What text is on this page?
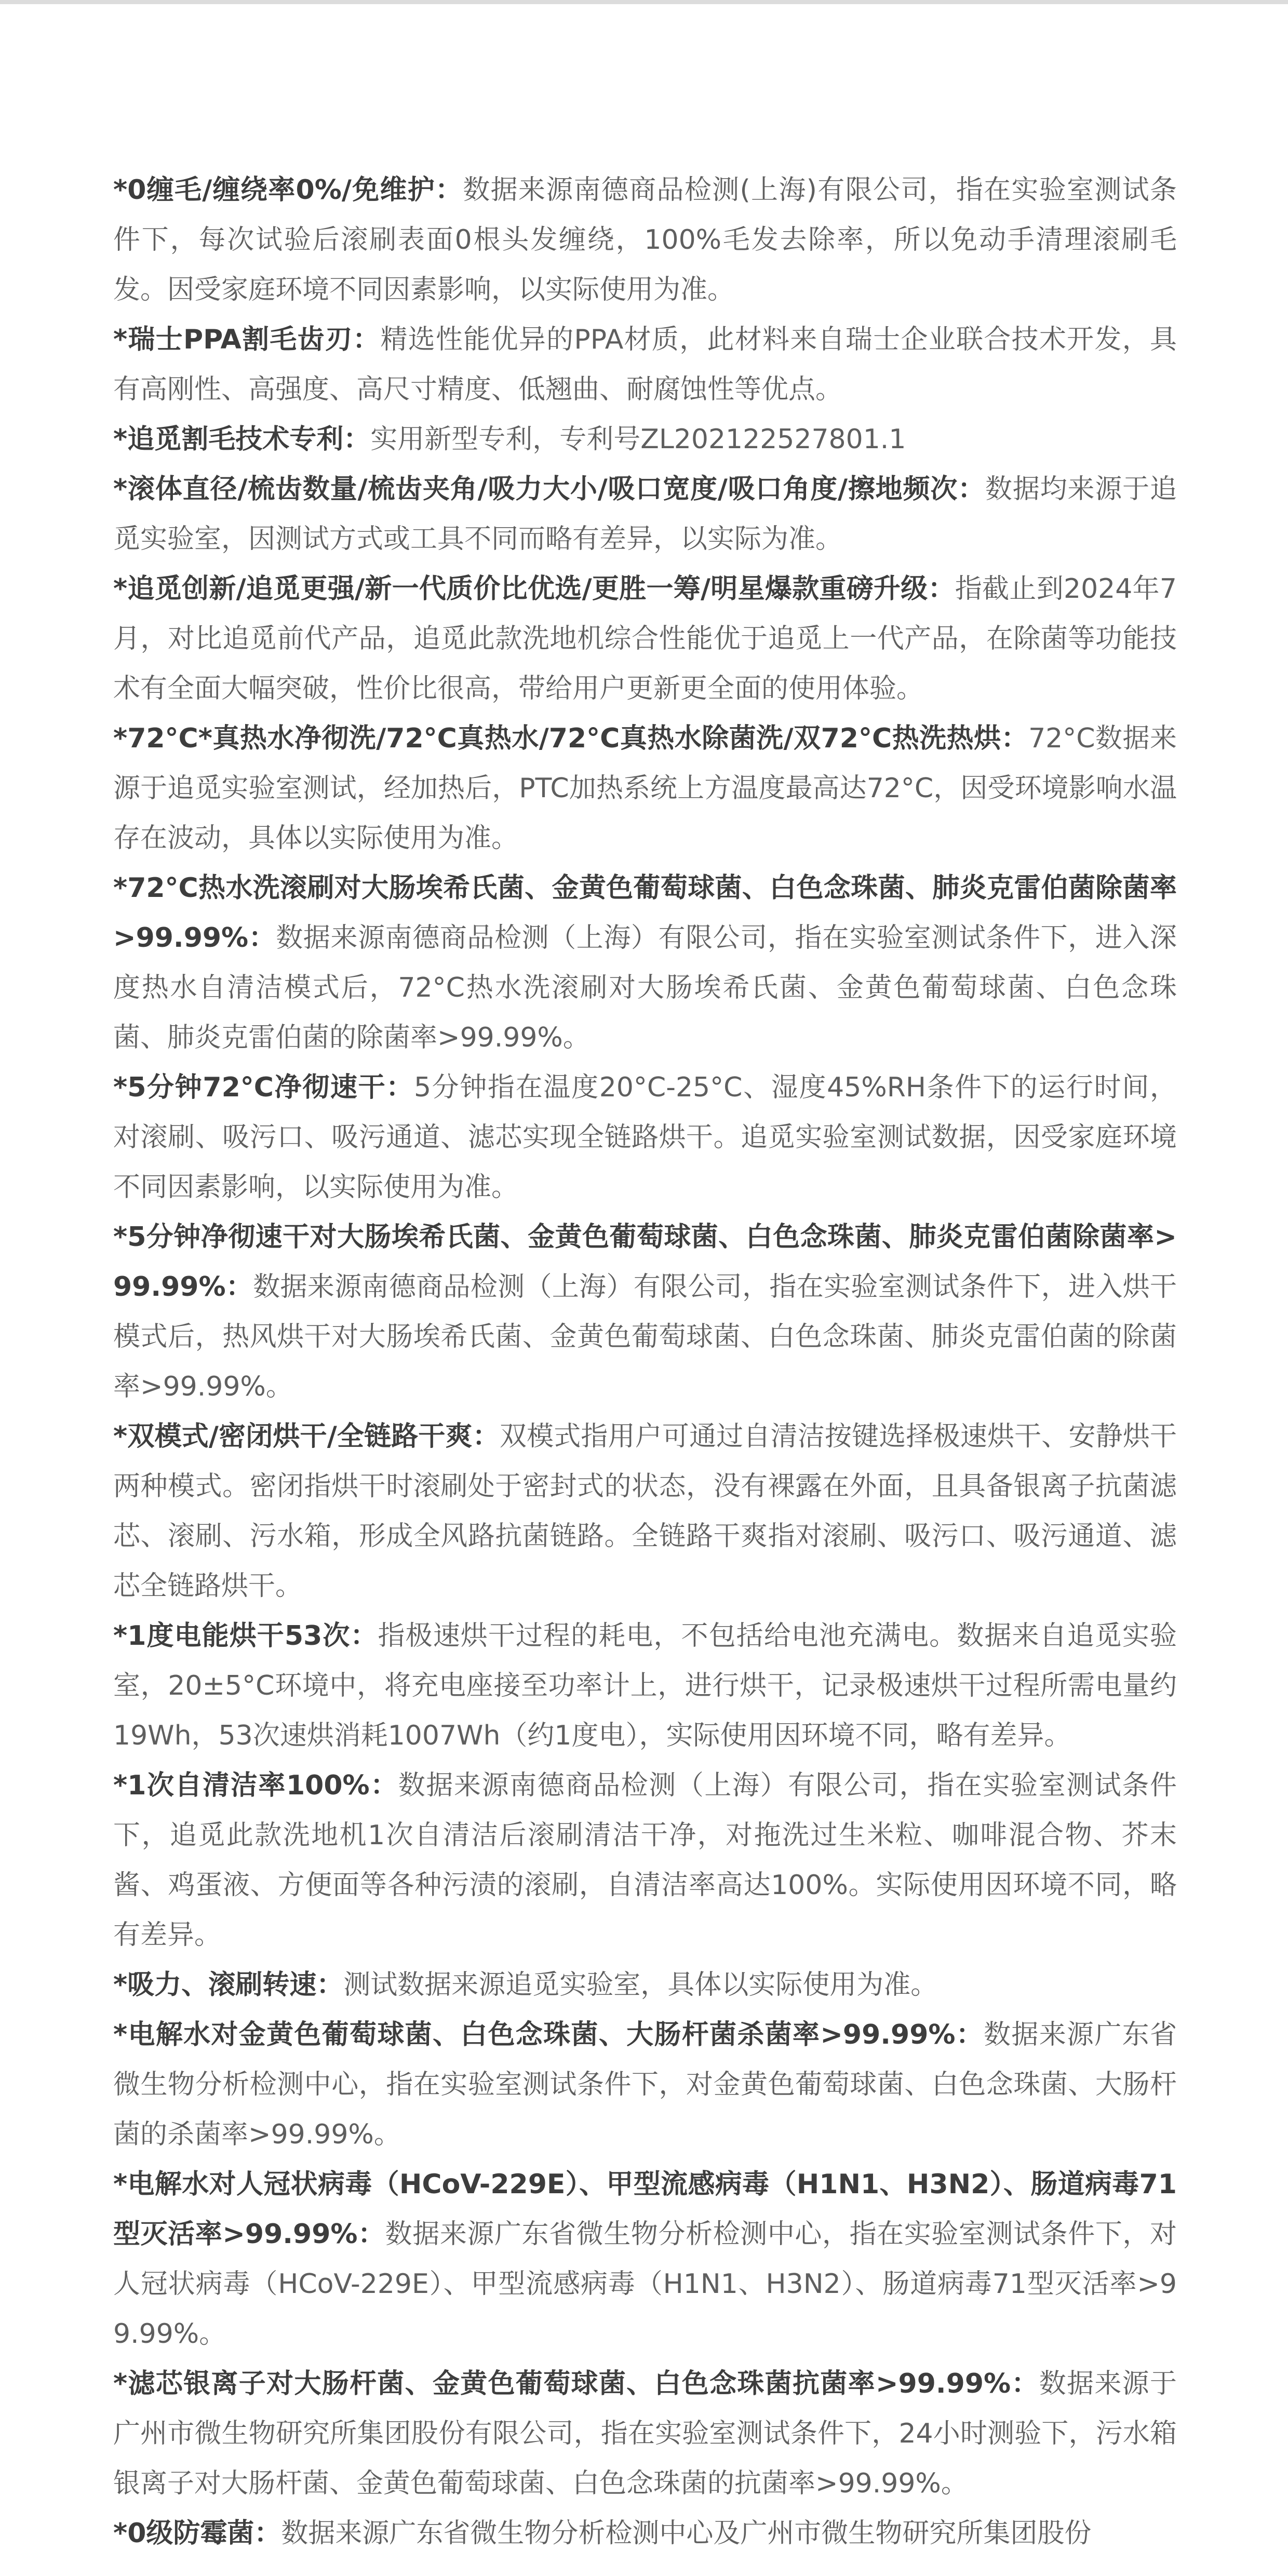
*0缠毛/缠绕率0%/免维护：数据来源南德商品检测(上海)有限公司，指在实验室测试条件下，每次试验后滚刷表面0根头发缠绕，100%毛发去除率，所以免动手清理滚刷毛发。因受家庭环境不同因素影响，以实际使用为准。

*瑞士PPA割毛齿刃：精选性能优异的PPA材质，此材料来自瑞士企业联合技术开发，具有高刚性、高强度、高尺寸精度、低翘曲、耐腐蚀性等优点。

*追觅割毛技术专利：实用新型专利，专利号ZL202122527801.1

*滚体直径/梳齿数量/梳齿夹角/吸力大小/吸口宽度/吸口角度/擦地频次：数据均来源于追觅实验室，因测试方式或工具不同而略有差异，以实际为准。

*追觅创新/追觅更强/新一代质价比优选/更胜一筹/明星爆款重磅升级：指截止到2024年7月，对比追觅前代产品，追觅此款洗地机综合性能优于追觅上一代产品，在除菌等功能技术有全面大幅突破，性价比很高，带给用户更新更全面的使用体验。

*72°C*真热水净彻洗/72°C真热水/72°C真热水除菌洗/双72°C热洗热烘：72°C数据来源于追觅实验室测试，经加热后，PTC加热系统上方温度最高达72°C，因受环境影响水温存在波动，具体以实际使用为准。

*72°C热水洗滚刷对大肠埃希氏菌、金黄色葡萄球菌、白色念珠菌、肺炎克雷伯菌除菌率>99.99%：数据来源南德商品检测（上海）有限公司，指在实验室测试条件下，进入深度热水自清洁模式后，72°C热水洗滚刷对大肠埃希氏菌、金黄色葡萄球菌、白色念珠菌、肺炎克雷伯菌的除菌率>99.99%。

*5分钟72°C净彻速干：5分钟指在温度20°C-25°C、湿度45%RH条件下的运行时间，对滚刷、吸污口、吸污通道、滤芯实现全链路烘干。追觅实验室测试数据，因受家庭环境不同因素影响，以实际使用为准。

*5分钟净彻速干对大肠埃希氏菌、金黄色葡萄球菌、白色念珠菌、肺炎克雷伯菌除菌率>99.99%：数据来源南德商品检测（上海）有限公司，指在实验室测试条件下，进入烘干模式后，热风烘干对大肠埃希氏菌、金黄色葡萄球菌、白色念珠菌、肺炎克雷伯菌的除菌率>99.99%。

*双模式/密闭烘干/全链路干爽：双模式指用户可通过自清洁按键选择极速烘干、安静烘干两种模式。密闭指烘干时滚刷处于密封式的状态，没有裸露在外面，且具备银离子抗菌滤芯、滚刷、污水箱，形成全风路抗菌链路。全链路干爽指对滚刷、吸污口、吸污通道、滤芯全链路烘干。

*1度电能烘干53次：指极速烘干过程的耗电，不包括给电池充满电。数据来自追觅实验室，20±5°C环境中，将充电座接至功率计上，进行烘干，记录极速烘干过程所需电量约19Wh，53次速烘消耗1007Wh（约1度电），实际使用因环境不同，略有差异。

*1次自清洁率100%：数据来源南德商品检测（上海）有限公司，指在实验室测试条件下，追觅此款洗地机1次自清洁后滚刷清洁干净，对拖洗过生米粒、咖啡混合物、芥末酱、鸡蛋液、方便面等各种污渍的滚刷，自清洁率高达100%。实际使用因环境不同，略有差异。

*吸力、滚刷转速：测试数据来源追觅实验室，具体以实际使用为准。

*电解水对金黄色葡萄球菌、白色念珠菌、大肠杆菌杀菌率>99.99%：数据来源广东省微生物分析检测中心，指在实验室测试条件下，对金黄色葡萄球菌、白色念珠菌、大肠杆菌的杀菌率>99.99%。

*电解水对人冠状病毒（HCoV-229E）、甲型流感病毒（H1N1、H3N2）、肠道病毒71型灭活率>99.99%：数据来源广东省微生物分析检测中心，指在实验室测试条件下，对人冠状病毒（HCoV-229E）、甲型流感病毒（H1N1、H3N2）、肠道病毒71型灭活率>99.99%。

*滤芯银离子对大肠杆菌、金黄色葡萄球菌、白色念珠菌抗菌率>99.99%：数据来源于广州市微生物研究所集团股份有限公司，指在实验室测试条件下，24小时测验下，污水箱银离子对大肠杆菌、金黄色葡萄球菌、白色念珠菌的抗菌率>99.99%。

*0级防霉菌：数据来源广东省微生物分析检测中心及广州市微生物研究所集团股份
